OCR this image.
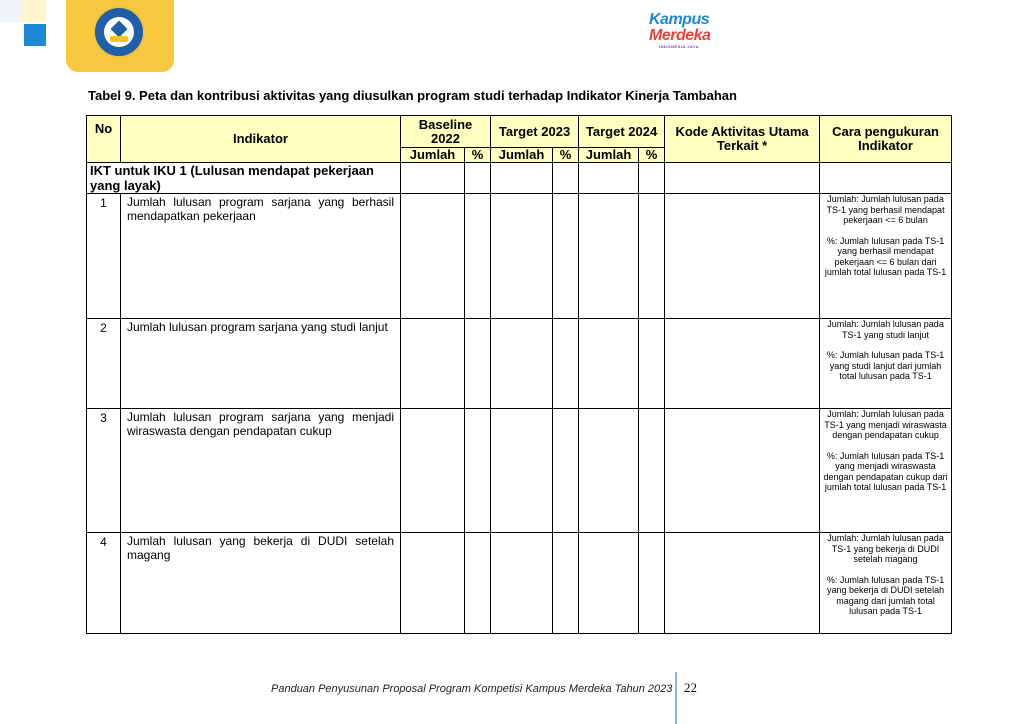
Kampus
Merdeka
INDONESIA JAYA
Tabel 9. Peta dan kontribusi aktivitas yang diusulkan program studi terhadap Indikator Kinerja Tambahan
No	Indikator	Baseline 2022		Target 2023		Target 2024		Kode Aktivitas Utama Terkait *	Cara pengukuran Indikator
		Jumlah	%	Jumlah	%	Jumlah	%		
IKT untuk IKU 1 (Lulusan mendapat pekerjaan yang layak)									
1	Jumlah lulusan program sarjana yang berhasil mendapatkan pekerjaan								Jumlah: Jumlah lulusan pada TS-1 yang berhasil mendapat pekerjaan <= 6 bulan
%: Jumlah lulusan pada TS-1 yang berhasil mendapat pekerjaan <= 6 bulan dari jumlah total lulusan pada TS-1

2	Jumlah lulusan program sarjana yang studi lanjut								Jumlah: Jumlah lulusan pada TS-1 yang studi lanjut
%: Jumlah lulusan pada TS-1 yang studi lanjut dari jumlah total lulusan pada TS-1

3	Jumlah lulusan program sarjana yang menjadi wiraswasta dengan pendapatan cukup								Jumlah: Jumlah lulusan pada TS-1 yang menjadi wiraswasta dengan pendapatan cukup
%: Jumlah lulusan pada TS-1 yang menjadi wiraswasta dengan pendapatan cukup dari jumlah total lulusan pada TS-1

4	Jumlah lulusan yang bekerja di DUDI setelah magang								Jumlah: Jumlah lulusan pada TS-1 yang bekerja di DUDI setelah magang
%: Jumlah lulusan pada TS-1 yang bekerja di DUDI setelah magang dari jumlah total lulusan pada TS-1
Panduan Penyusunan Proposal Program Kompetisi Kampus Merdeka Tahun 2023 22
